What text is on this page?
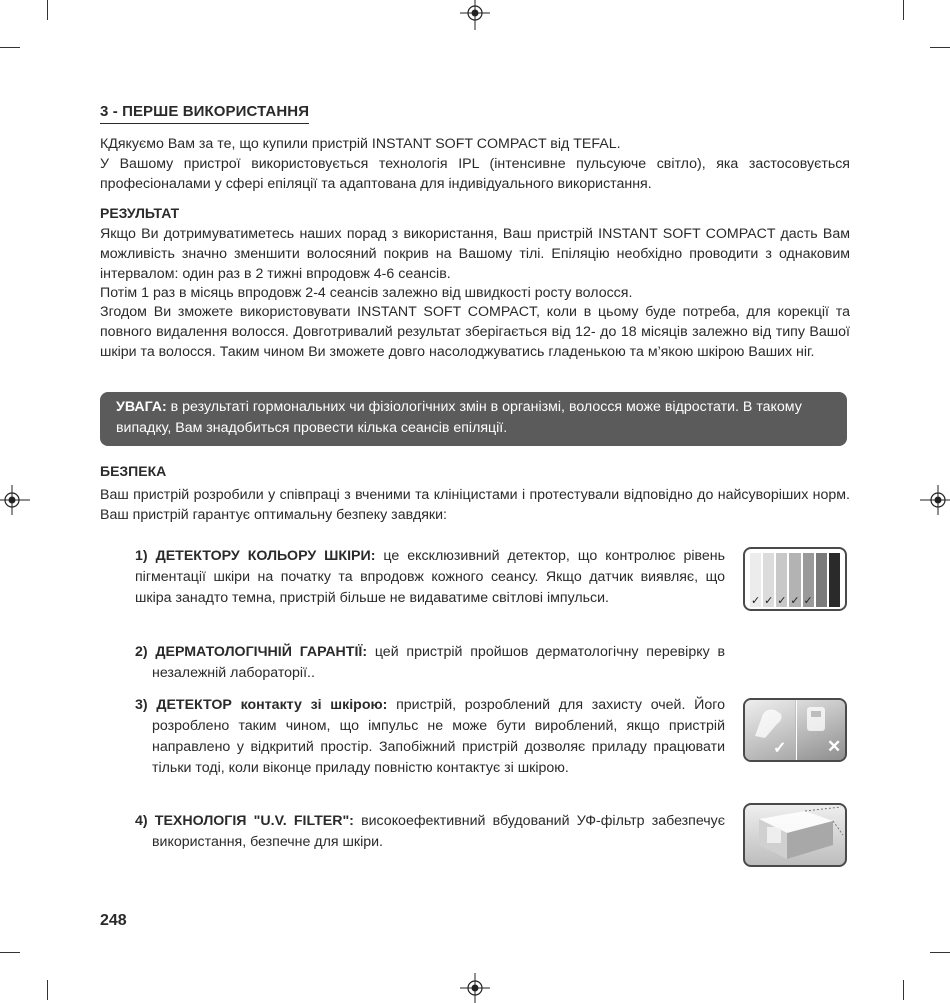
3 - ПЕРШЕ ВИКОРИСТАННЯ

КДякуємо Вам за те, що купили пристрій INSTANT SOFT COMPACT від TEFAL.

У Вашому пристрої використовується технологія IPL (інтенсивне пульсуюче світло), яка застосовується професіоналами у сфері епіляції та адаптована для індивідуального використання.

РЕЗУЛЬТАТ

Якщо Ви дотримуватиметесь наших порад з використання, Ваш пристрій INSTANT SOFT COMPACT дасть Вам можливість значно зменшити волосяний покрив на Вашому тілі. Епіляцію необхідно проводити з однаковим інтервалом: один раз в 2 тижні впродовж 4-6 сеансів.

Потім 1 раз в місяць впродовж 2-4 сеансів залежно від швидкості росту волосся.

Згодом Ви зможете використовувати INSTANT SOFT COMPACT, коли в цьому буде потреба, для корекції та повного видалення волосся. Довготривалий результат зберігається від 12- до 18 місяців залежно від типу Вашої шкіри та волосся. Таким чином Ви зможете довго насолоджуватись гладенькою та м’якою шкірою Ваших ніг.

УВАГА: в результаті гормональних чи фізіологічних змін в організмі, волосся може відростати. В такому випадку, Вам знадобиться провести кілька сеансів епіляції.
БЕЗПЕКА

Ваш пристрій розробили у співпраці з вченими та клініцистами і протестували відповідно до найсуворіших норм. Ваш пристрій гарантує оптимальну безпеку завдяки:

1) ДЕТЕКТОРУ КОЛЬОРУ ШКІРИ: це ексклюзивний детектор, що контролює рівень пігментації шкіри на початку та впродовж кожного сеансу. Якщо датчик виявляє, що шкіра занадто темна, пристрій більше не видаватиме світлові імпульси.

2) ДЕРМАТОЛОГІЧНІЙ ГАРАНТІЇ: цей пристрій пройшов дерматологічну перевірку в незалежній лабораторії..

3) ДЕТЕКТОР контакту зі шкірою: пристрій, розроблений для захисту очей. Його розроблено таким чином, що імпульс не може бути вироблений, якщо пристрій направлено у відкритий простір. Запобіжний пристрій дозволяє приладу працювати тільки тоді, коли віконце приладу повністю контактує зі шкірою.

4) ТЕХНОЛОГІЯ "U.V. FILTER": високоефективний вбудований УФ-фільтр забезпечує використання, безпечне для шкіри.

✓ ✓ ✓ ✓ ✓
✓ ✕
248
